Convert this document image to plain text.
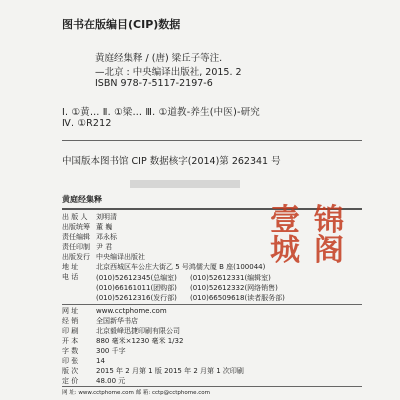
图书在版编目(CIP)数据
黄庭经集释 / (唐) 梁丘子等注.
—北京 : 中央编译出版社, 2015. 2
ISBN 978-7-5117-2197-6
Ⅰ. ①黄… Ⅱ. ①梁… Ⅲ. ①道教-养生(中医)-研究
Ⅳ. ①R212
中国版本图书馆 CIP 数据核字(2014)第 262341 号
黄庭经集释
出 版 人 刘明清
出版统筹 董 巍
责任编辑 邓永标
责任印制 尹 君
出版发行 中央编译出版社
地 址	北京西城区车公庄大街乙 5 号鸿儒大厦 B 座(100044)
电 话	(010)52612345(总编室) (010)52612331(编辑室)
(010)66161011(团购部) (010)52612332(网络销售)
(010)52612316(发行部) (010)66509618(读者服务部)
网 址	www.cctphome.com
经 销	全国新华书店
印 刷	北京毅峰迅捷印刷有限公司
开 本	880 毫米×1230 毫米 1/32
字 数	300 千字
印 张	14
版 次	2015 年 2 月第 1 版 2015 年 2 月第 1 次印刷
定 价	48.00 元
网 址: www.cctphome.com 邮 箱: cctp@cctphome.com
壹 锦
城 阁
